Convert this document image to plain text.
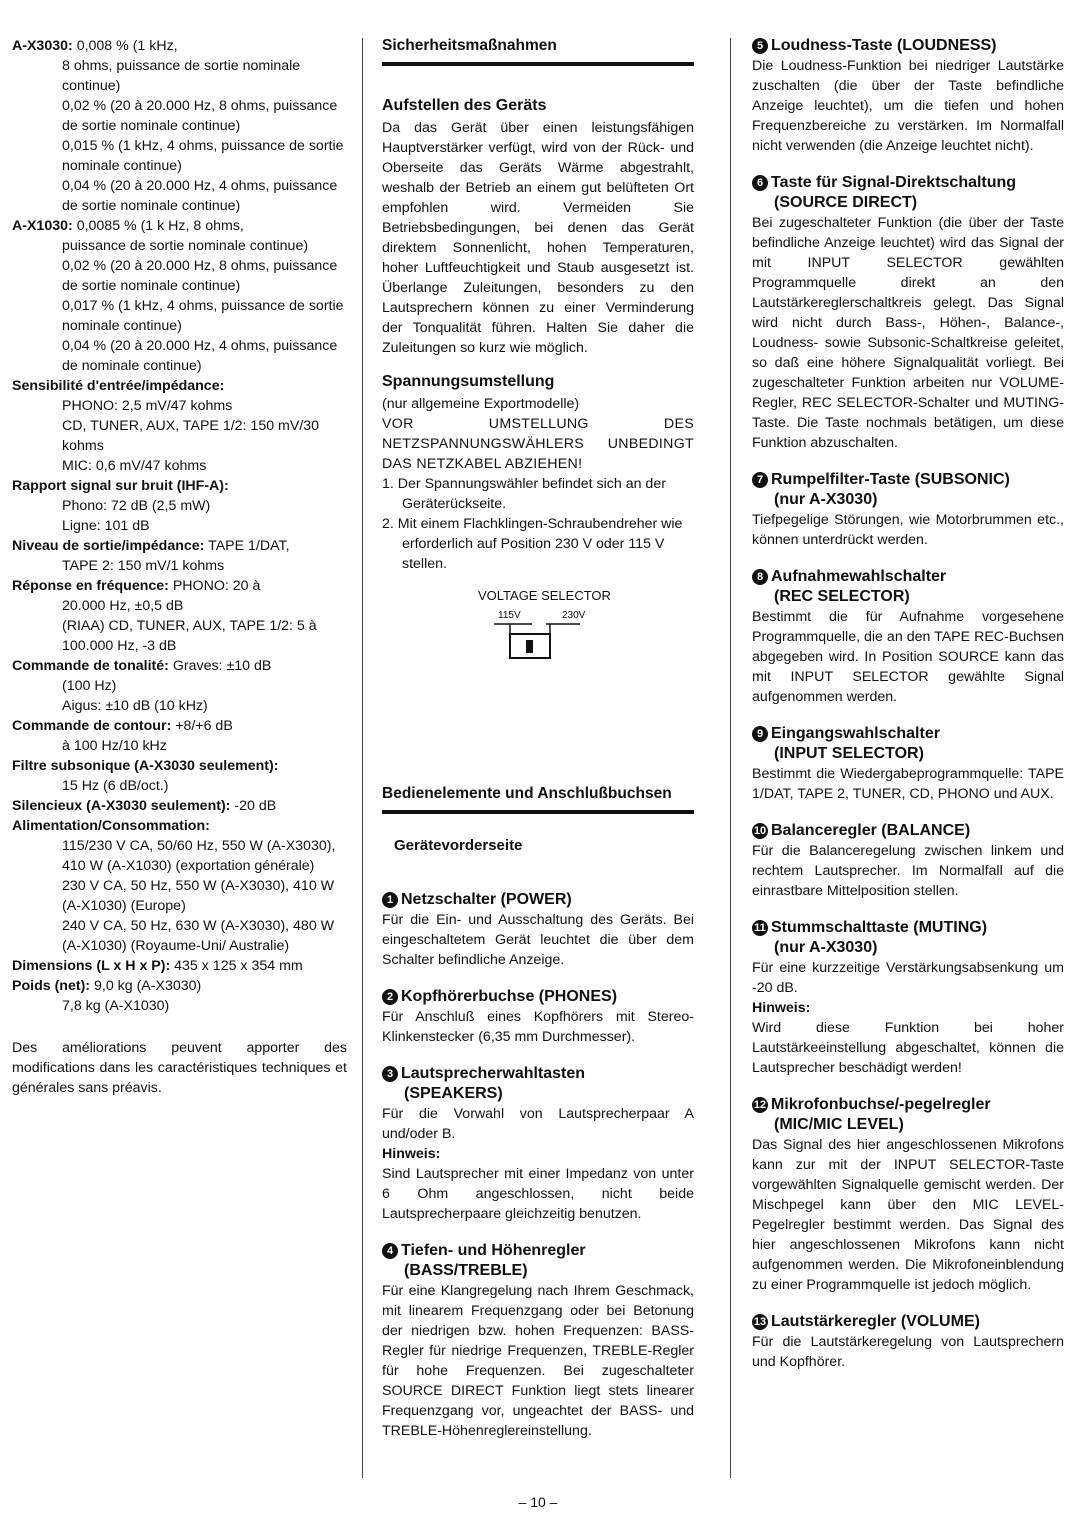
A-X3030: 0,008 % (1 kHz,
8 ohms, puissance de sortie nominale continue)
0,02 % (20 à 20.000 Hz, 8 ohms, puissance de sortie nominale continue)
0,015 % (1 kHz, 4 ohms, puissance de sortie nominale continue)
0,04 % (20 à 20.000 Hz, 4 ohms, puissance de sortie nominale continue)
A-X1030: 0,0085 % (1 k Hz, 8 ohms,
puissance de sortie nominale continue)
0,02 % (20 à 20.000 Hz, 8 ohms, puissance de sortie nominale continue)
0,017 % (1 kHz, 4 ohms, puissance de sortie nominale continue)
0,04 % (20 à 20.000 Hz, 4 ohms, puissance de nominale continue)
Sensibilité d'entrée/impédance:
PHONO: 2,5 mV/47 kohms
CD, TUNER, AUX, TAPE 1/2: 150 mV/30 kohms
MIC: 0,6 mV/47 kohms
Rapport signal sur bruit (IHF-A):
Phono: 72 dB (2,5 mW)
Ligne: 101 dB
Niveau de sortie/impédance: TAPE 1/DAT,
TAPE 2: 150 mV/1 kohms
Réponse en fréquence: PHONO: 20 à
20.000 Hz, ±0,5 dB
(RIAA) CD, TUNER, AUX, TAPE 1/2: 5 à 100.000 Hz, -3 dB
Commande de tonalité: Graves: ±10 dB
(100 Hz)
Aigus: ±10 dB (10 kHz)
Commande de contour: +8/+6 dB
à 100 Hz/10 kHz
Filtre subsonique (A-X3030 seulement):
15 Hz (6 dB/oct.)
Silencieux (A-X3030 seulement): -20 dB
Alimentation/Consommation:
115/230 V CA, 50/60 Hz, 550 W (A-X3030), 410 W (A-X1030) (exportation générale)
230 V CA, 50 Hz, 550 W (A-X3030), 410 W (A-X1030) (Europe)
240 V CA, 50 Hz, 630 W (A-X3030), 480 W (A-X1030) (Royaume-Uni/ Australie)
Dimensions (L x H x P): 435 x 125 x 354 mm
Poids (net): 9,0 kg (A-X3030)
7,8 kg (A-X1030)
Des améliorations peuvent apporter des modifications dans les caractéristiques techniques et générales sans préavis.
Sicherheitsmaßnahmen
Aufstellen des Geräts
Da das Gerät über einen leistungsfähigen Hauptverstärker verfügt, wird von der Rück- und Oberseite das Geräts Wärme abgestrahlt, weshalb der Betrieb an einem gut belüfteten Ort empfohlen wird. Vermeiden Sie Betriebsbedingungen, bei denen das Gerät direktem Sonnenlicht, hohen Temperaturen, hoher Luftfeuchtigkeit und Staub ausgesetzt ist. Überlange Zuleitungen, besonders zu den Lautsprechern können zu einer Verminderung der Tonqualität führen. Halten Sie daher die Zuleitungen so kurz wie möglich.
Spannungsumstellung
(nur allgemeine Exportmodelle)
VOR UMSTELLUNG DES NETZSPANNUNGSWÄHLERS UNBEDINGT DAS NETZKABEL ABZIEHEN!
1. Der Spannungswähler befindet sich an der Geräterückseite.
2. Mit einem Flachklingen-Schraubendreher wie erforderlich auf Position 230 V oder 115 V stellen.
VOLTAGE SELECTOR
115V	230V
Bedienelemente und Anschlußbuchsen
Gerätevorderseite
1 Netzschalter (POWER)
Für die Ein- und Ausschaltung des Geräts. Bei eingeschaltetem Gerät leuchtet die über dem Schalter befindliche Anzeige.
2 Kopfhörerbuchse (PHONES)
Für Anschluß eines Kopfhörers mit Stereo-Klinkenstecker (6,35 mm Durchmesser).
3 Lautsprecherwahltasten
(SPEAKERS)
Für die Vorwahl von Lautsprecherpaar A und/oder B.
Hinweis:
Sind Lautsprecher mit einer Impedanz von unter 6 Ohm angeschlossen, nicht beide Lautsprecherpaare gleichzeitig benutzen.
4 Tiefen- und Höhenregler
(BASS/TREBLE)
Für eine Klangregelung nach Ihrem Geschmack, mit linearem Frequenzgang oder bei Betonung der niedrigen bzw. hohen Frequenzen: BASS-Regler für niedrige Frequenzen, TREBLE-Regler für hohe Frequenzen. Bei zugeschalteter SOURCE DIRECT Funktion liegt stets linearer Frequenzgang vor, ungeachtet der BASS- und TREBLE-Höhenreglereinstellung.
5 Loudness-Taste (LOUDNESS)
Die Loudness-Funktion bei niedriger Lautstärke zuschalten (die über der Taste befindliche Anzeige leuchtet), um die tiefen und hohen Frequenzbereiche zu verstärken. Im Normalfall nicht verwenden (die Anzeige leuchtet nicht).
6 Taste für Signal-Direktschaltung
(SOURCE DIRECT)
Bei zugeschalteter Funktion (die über der Taste befindliche Anzeige leuchtet) wird das Signal der mit INPUT SELECTOR gewählten Programmquelle direkt an den Lautstärkereglerschaltkreis gelegt. Das Signal wird nicht durch Bass-, Höhen-, Balance-, Loudness- sowie Subsonic-Schaltkreise geleitet, so daß eine höhere Signalqualität vorliegt. Bei zugeschalteter Funktion arbeiten nur VOLUME-Regler, REC SELECTOR-Schalter und MUTING-Taste. Die Taste nochmals betätigen, um diese Funktion abzuschalten.
7 Rumpelfilter-Taste (SUBSONIC)
(nur A-X3030)
Tiefpegelige Störungen, wie Motorbrummen etc., können unterdrückt werden.
8 Aufnahmewahlschalter
(REC SELECTOR)
Bestimmt die für Aufnahme vorgesehene Programmquelle, die an den TAPE REC-Buchsen abgegeben wird. In Position SOURCE kann das mit INPUT SELECTOR gewählte Signal aufgenommen werden.
9 Eingangswahlschalter
(INPUT SELECTOR)
Bestimmt die Wiedergabeprogrammquelle: TAPE 1/DAT, TAPE 2, TUNER, CD, PHONO und AUX.
10 Balanceregler (BALANCE)
Für die Balanceregelung zwischen linkem und rechtem Lautsprecher. Im Normalfall auf die einrastbare Mittelposition stellen.
11 Stummschalttaste (MUTING)
(nur A-X3030)
Für eine kurzzeitige Verstärkungsabsenkung um -20 dB.
Hinweis:
Wird diese Funktion bei hoher Lautstärkeeinstellung abgeschaltet, können die Lautsprecher beschädigt werden!
12 Mikrofonbuchse/-pegelregler
(MIC/MIC LEVEL)
Das Signal des hier angeschlossenen Mikrofons kann zur mit der INPUT SELECTOR-Taste vorgewählten Signalquelle gemischt werden. Der Mischpegel kann über den MIC LEVEL-Pegelregler bestimmt werden. Das Signal des hier angeschlossenen Mikrofons kann nicht aufgenommen werden. Die Mikrofoneinblendung zu einer Programmquelle ist jedoch möglich.
13 Lautstärkeregler (VOLUME)
Für die Lautstärkeregelung von Lautsprechern und Kopfhörer.
– 10 –
